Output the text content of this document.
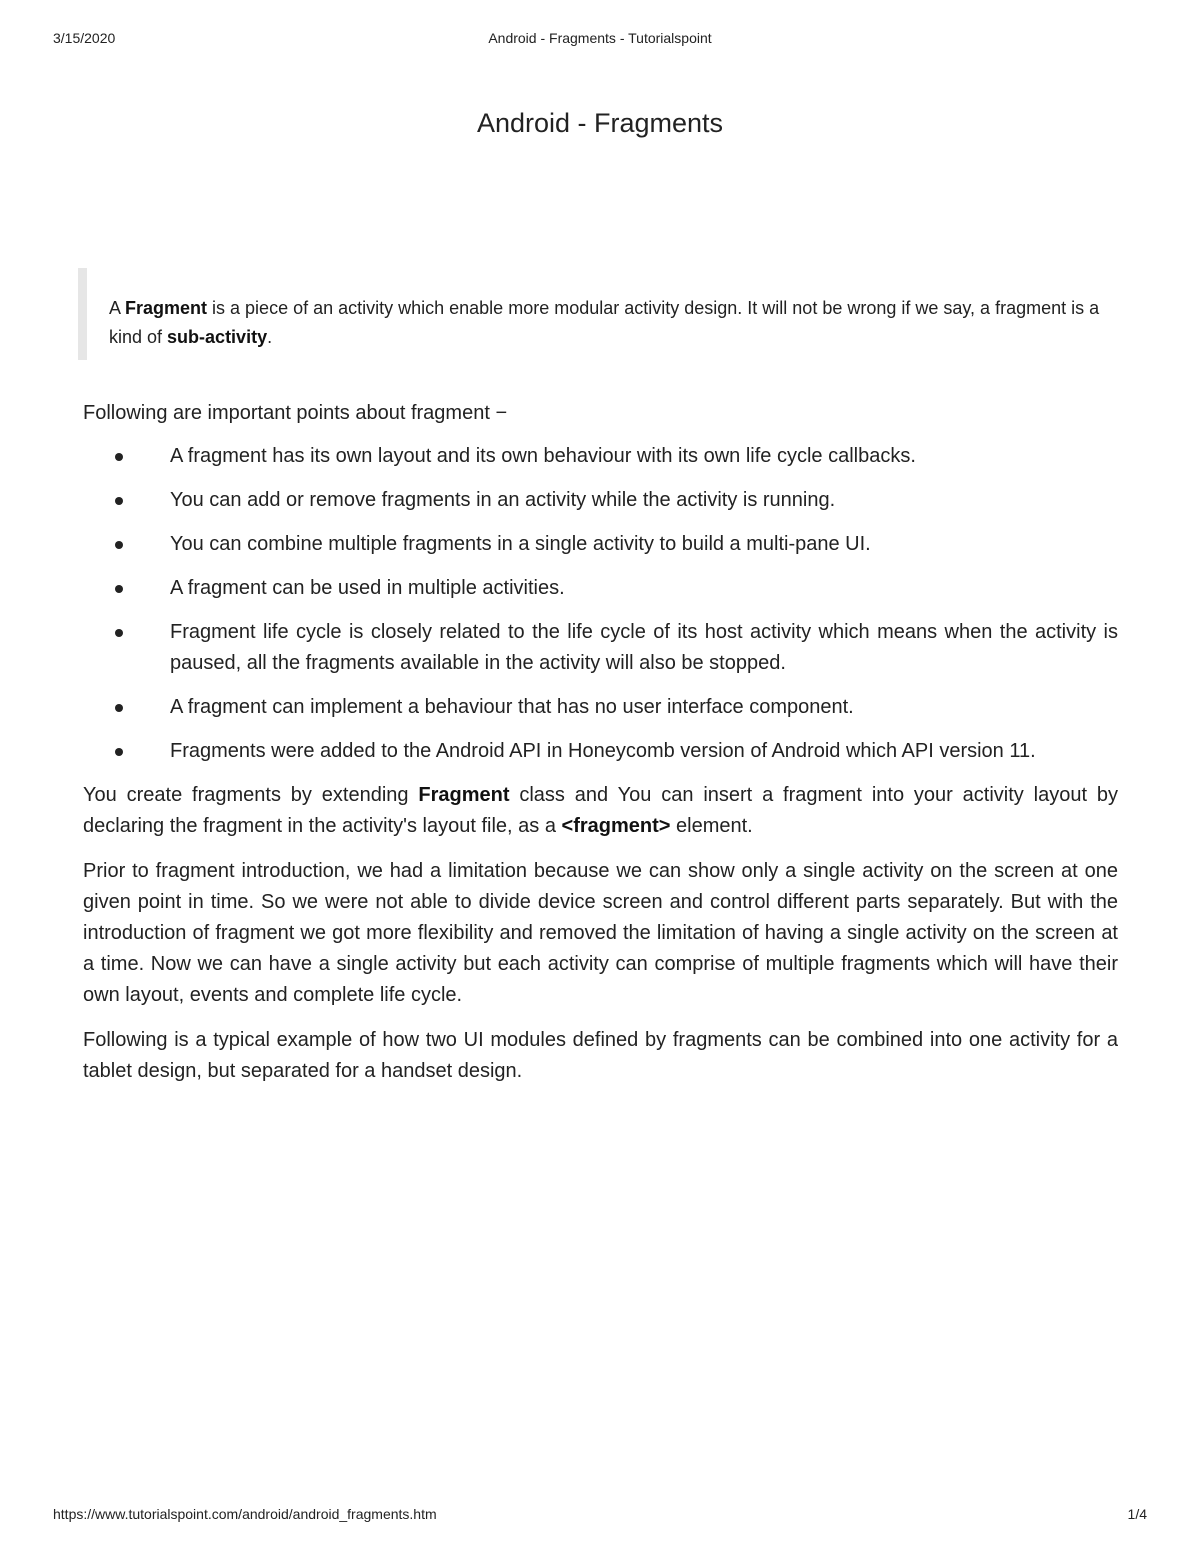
3/15/2020	Android - Fragments - Tutorialspoint
Android - Fragments

A Fragment is a piece of an activity which enable more modular activity design. It will not be wrong if we say, a fragment is a kind of sub-activity.

Following are important points about fragment −

A fragment has its own layout and its own behaviour with its own life cycle callbacks.
You can add or remove fragments in an activity while the activity is running.
You can combine multiple fragments in a single activity to build a multi-pane UI.
A fragment can be used in multiple activities.
Fragment life cycle is closely related to the life cycle of its host activity which means when the activity is paused, all the fragments available in the activity will also be stopped.
A fragment can implement a behaviour that has no user interface component.
Fragments were added to the Android API in Honeycomb version of Android which API version 11.

You create fragments by extending Fragment class and You can insert a fragment into your activity layout by declaring the fragment in the activity's layout file, as a <fragment> element.

Prior to fragment introduction, we had a limitation because we can show only a single activity on the screen at one given point in time. So we were not able to divide device screen and control different parts separately. But with the introduction of fragment we got more flexibility and removed the limitation of having a single activity on the screen at a time. Now we can have a single activity but each activity can comprise of multiple fragments which will have their own layout, events and complete life cycle.

Following is a typical example of how two UI modules defined by fragments can be combined into one activity for a tablet design, but separated for a handset design.

https://www.tutorialspoint.com/android/android_fragments.htm	1/4
